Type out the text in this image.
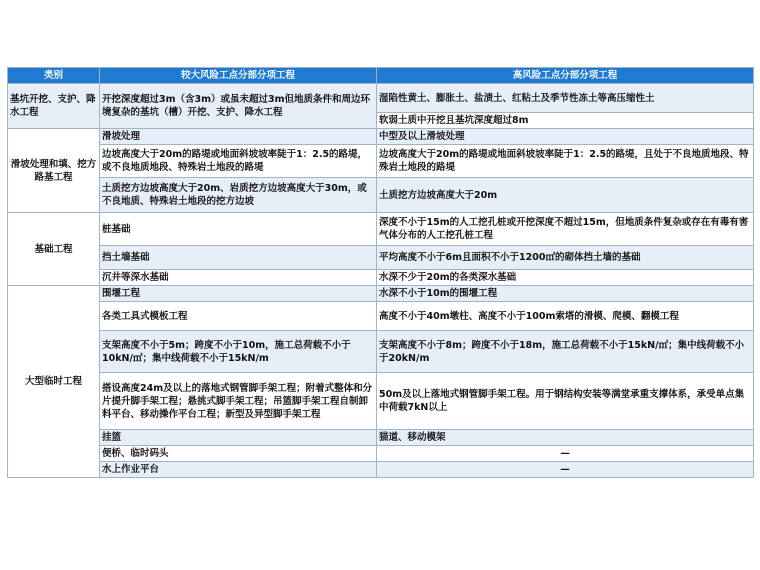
类别	较大风险工点分部分项工程	高风险工点分部分项工程
基坑开挖、支护、降水工程	开挖深度超过3m（含3m）或虽未超过3m但地质条件和周边环境复杂的基坑（槽）开挖、支护、降水工程	湿陷性黄土、膨胀土、盐渍土、红粘土及季节性冻土等高压缩性土
		软弱土质中开挖且基坑深度超过8m
滑坡处理和填、挖方路基工程	滑坡处理	中型及以上滑坡处理
	边坡高度大于20m的路堤或地面斜坡坡率陡于1：2.5的路堤，或不良地质地段、特殊岩土地段的路堤	边坡高度大于20m的路堤或地面斜坡坡率陡于1：2.5的路堤，且处于不良地质地段、特殊岩土地段的路堤
	土质挖方边坡高度大于20m、岩质挖方边坡高度大于30m，或不良地质、特殊岩土地段的挖方边坡	土质挖方边坡高度大于20m
基础工程	桩基础	深度不小于15m的人工挖孔桩或开挖深度不超过15m，但地质条件复杂或存在有毒有害气体分布的人工挖孔桩工程
	挡土墙基础	平均高度不小于6m且面积不小于1200㎡的砌体挡土墙的基础
	沉井等深水基础	水深不少于20m的各类深水基础
大型临时工程	围堰工程	水深不小于10m的围堰工程
	各类工具式模板工程	高度不小于40m墩柱、高度不小于100m索塔的滑模、爬模、翻模工程
	支架高度不小于5m；跨度不小于10m，施工总荷载不小于10kN/㎡；集中线荷载不小于15kN/m	支架高度不小于8m；跨度不小于18m，施工总荷载不小于15kN/㎡；集中线荷载不小于20kN/m
	搭设高度24m及以上的落地式钢管脚手架工程；附着式整体和分片提升脚手架工程；悬挑式脚手架工程；吊篮脚手架工程自制卸料平台、移动操作平台工程；新型及异型脚手架工程	50m及以上落地式钢管脚手架工程。用于钢结构安装等满堂承重支撑体系，承受单点集中荷载7kN以上
	挂篮	猫道、移动模架
	便桥、临时码头	—
	水上作业平台	—
